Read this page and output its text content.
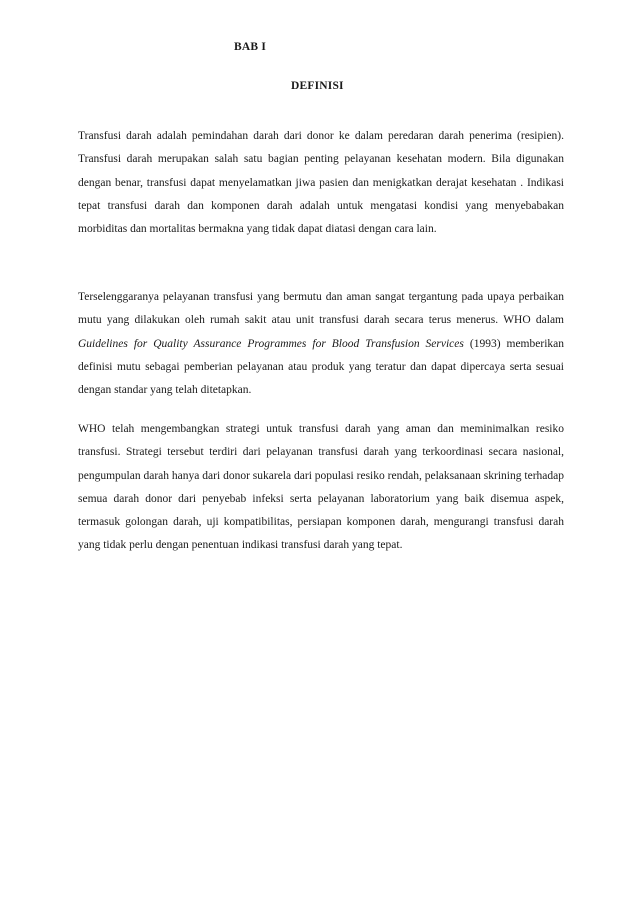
BAB I
DEFINISI

Transfusi darah adalah pemindahan darah dari donor ke dalam peredaran darah penerima (resipien). Transfusi darah merupakan salah satu bagian penting pelayanan kesehatan modern. Bila digunakan dengan benar, transfusi dapat menyelamatkan jiwa pasien dan menigkatkan derajat kesehatan . Indikasi tepat transfusi darah dan komponen darah adalah untuk mengatasi kondisi yang menyebabakan morbiditas dan mortalitas bermakna yang tidak dapat diatasi dengan cara lain.

Terselenggaranya pelayanan transfusi yang bermutu dan aman sangat tergantung pada upaya perbaikan mutu yang dilakukan oleh rumah sakit atau unit transfusi darah secara terus menerus. WHO dalam Guidelines for Quality Assurance Programmes for Blood Transfusion Services (1993) memberikan definisi mutu sebagai pemberian pelayanan atau produk yang teratur dan dapat dipercaya serta sesuai dengan standar yang telah ditetapkan.

WHO telah mengembangkan strategi untuk transfusi darah yang aman dan meminimalkan resiko transfusi. Strategi tersebut terdiri dari pelayanan transfusi darah yang terkoordinasi secara nasional, pengumpulan darah hanya dari donor sukarela dari populasi resiko rendah, pelaksanaan skrining terhadap semua darah donor dari penyebab infeksi serta pelayanan laboratorium yang baik disemua aspek, termasuk golongan darah, uji kompatibilitas, persiapan komponen darah, mengurangi transfusi darah yang tidak perlu dengan penentuan indikasi transfusi darah yang tepat.
